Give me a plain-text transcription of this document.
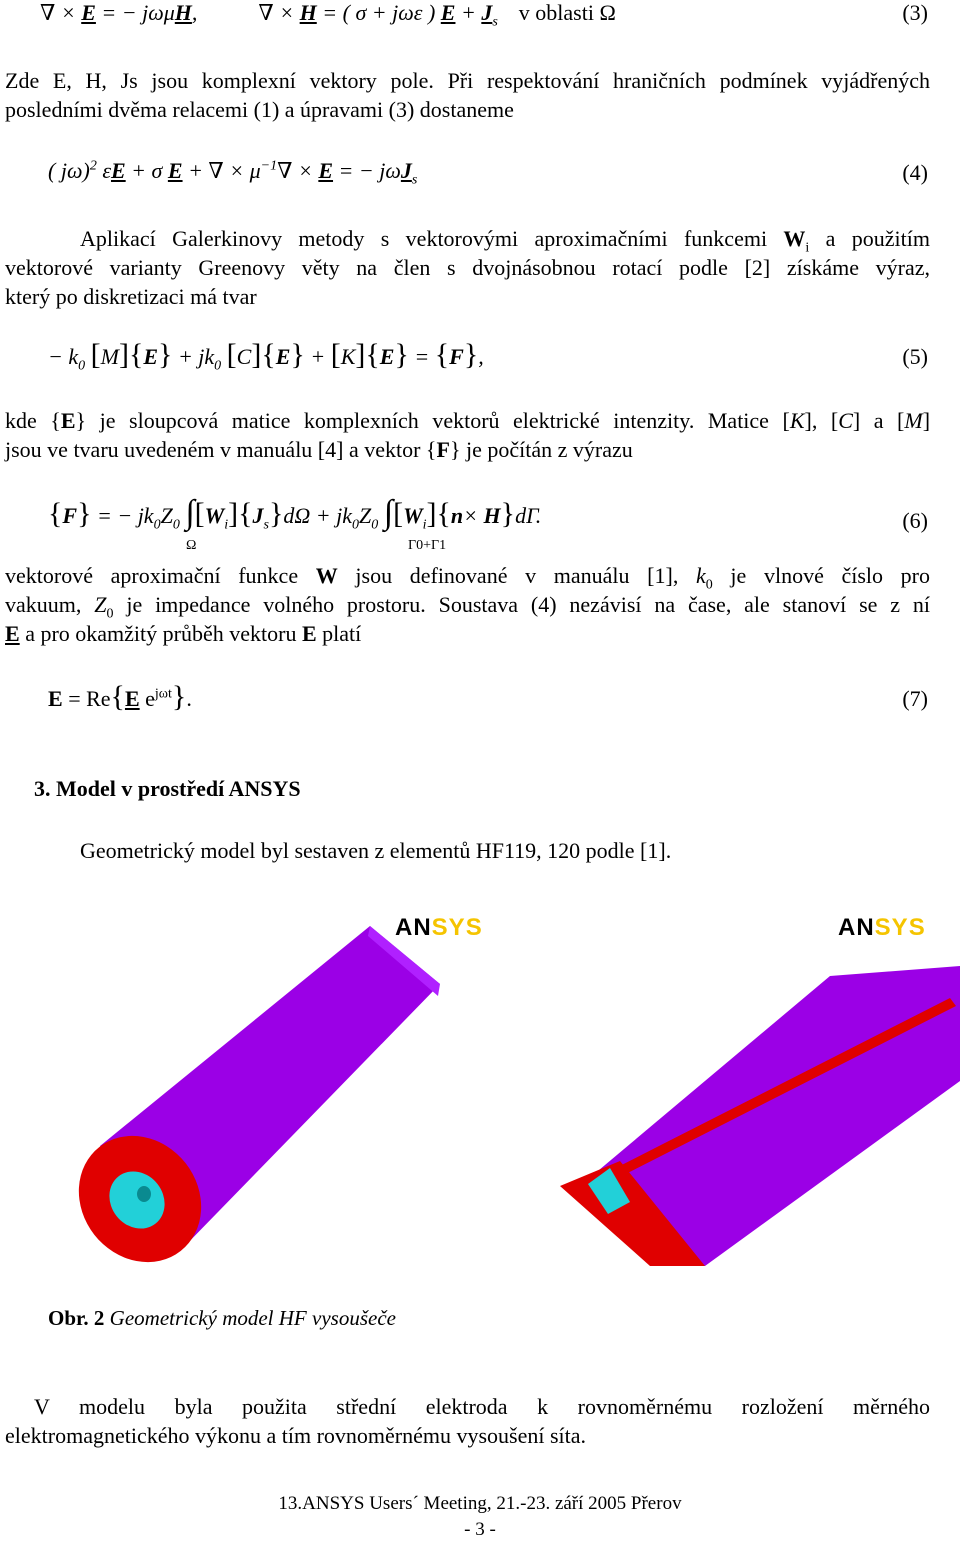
∇ × E = − jωμH,	∇ × H = ( σ + jωε ) $E + J_s$ v oblasti Ω	(3)
Zde E, H, Js jsou komplexní vektory pole. Při respektování hraničních podmínek vyjádřených
posledními dvěma relacemi (1) a úpravami (3) dostaneme
( jω)$^2$ εE + σ E + ∇ × $\mu^{-1}\nabla \times E$ = − jωJ$_s$	(4)
Aplikací Galerkinovy metody s vektorovými aproximačními funkcemi $W_i$ a použitím
vektorové varianty Greenovy věty na člen s dvojnásobnou rotací podle [2] získáme výraz,
který po diskretizaci má tvar
− $k_0$ $[M]\{E\} + jk_0$ [C]{E} + [K]{E} = {F},	(5)
kde {E} je sloupcová matice komplexních vektorů elektrické intenzity. Matice [K], [C] a [M]
jsou ve tvaru uvedeném v manuálu [4] a vektor {F} je počítán z výrazu
{F} = − $jk_0Z_0$ $\int[W_i]\{J_s\}d\Omega + jk_0Z_0$ $\int[W_i]\{n\times H\}d\Gamma$.
Ω	Γ0+Γ1
(6)
vektorové aproximační funkce W jsou definované v manuálu [1], $k_0$ je vlnové číslo pro
vakuum, $Z_0$ je impedance volného prostoru. Soustava (4) nezávisí na čase, ale stanoví se z ní
E a pro okamžitý průběh vektoru E platí
E = Re{E $e^{j\omega t}$}.	(7)
3. Model v prostředí ANSYS
Geometrický model byl sestaven z elementů HF119, 120 podle [1].
ANSYS	ANSYS
Obr. 2 Geometrický model HF vysoušeče
V modelu byla použita střední elektroda k rovnoměrnému rozložení měrného
elektromagnetického výkonu a tím rovnoměrnému vysoušení síta.
13.ANSYS Users´ Meeting, 21.-23. září 2005 Přerov
- 3 -
